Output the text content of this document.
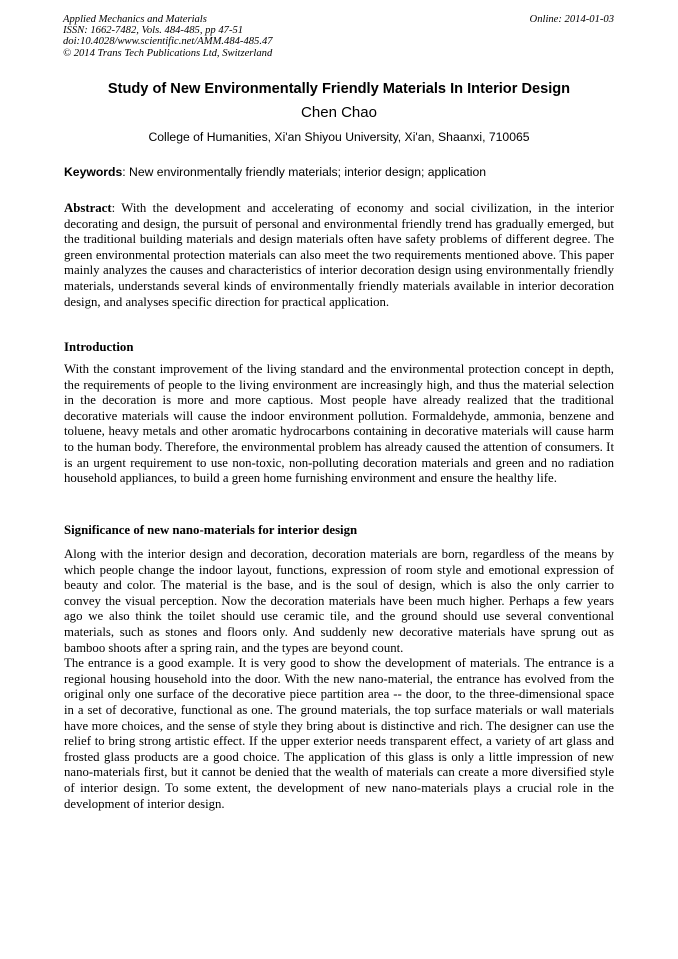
Applied Mechanics and Materials
ISSN: 1662-7482, Vols. 484-485, pp 47-51
doi:10.4028/www.scientific.net/AMM.484-485.47
© 2014 Trans Tech Publications Ltd, Switzerland
Online: 2014-01-03
Study of New Environmentally Friendly Materials In Interior Design
Chen Chao
College of Humanities, Xi'an Shiyou University, Xi'an, Shaanxi, 710065
Keywords: New environmentally friendly materials; interior design; application

Abstract: With the development and accelerating of economy and social civilization, in the interior decorating and design, the pursuit of personal and environmental friendly trend has gradually emerged, but the traditional building materials and design materials often have safety problems of different degree. The green environmental protection materials can also meet the two requirements mentioned above. This paper mainly analyzes the causes and characteristics of interior decoration design using environmentally friendly materials, understands several kinds of environmentally friendly materials available in interior decoration design, and analyses specific direction for practical application.

Introduction

With the constant improvement of the living standard and the environmental protection concept in depth, the requirements of people to the living environment are increasingly high, and thus the material selection in the decoration is more and more captious. Most people have already realized that the traditional decorative materials will cause the indoor environment pollution. Formaldehyde, ammonia, benzene and toluene, heavy metals and other aromatic hydrocarbons containing in decorative materials will cause harm to the human body. Therefore, the environmental problem has already caused the attention of consumers. It is an urgent requirement to use non-toxic, non-polluting decoration materials and green and no radiation household appliances, to build a green home furnishing environment and ensure the healthy life.

Significance of new nano-materials for interior design

Along with the interior design and decoration, decoration materials are born, regardless of the means by which people change the indoor layout, functions, expression of room style and emotional expression of beauty and color. The material is the base, and is the soul of design, which is also the only carrier to convey the visual perception. Now the decoration materials have been much higher. Perhaps a few years ago we also think the toilet should use ceramic tile, and the ground should use several conventional materials, such as stones and floors only. And suddenly new decorative materials have sprung out as bamboo shoots after a spring rain, and the types are beyond count.

The entrance is a good example. It is very good to show the development of materials. The entrance is a regional housing household into the door. With the new nano-material, the entrance has evolved from the original only one surface of the decorative piece partition area -- the door, to the three-dimensional space in a set of decorative, functional as one. The ground materials, the top surface materials or wall materials have more choices, and the sense of style they bring about is distinctive and rich. The designer can use the relief to bring strong artistic effect. If the upper exterior needs transparent effect, a variety of art glass and frosted glass products are a good choice. The application of this glass is only a little impression of new nano-materials first, but it cannot be denied that the wealth of materials can create a more diversified style of interior design. To some extent, the development of new nano-materials plays a crucial role in the development of interior design.
